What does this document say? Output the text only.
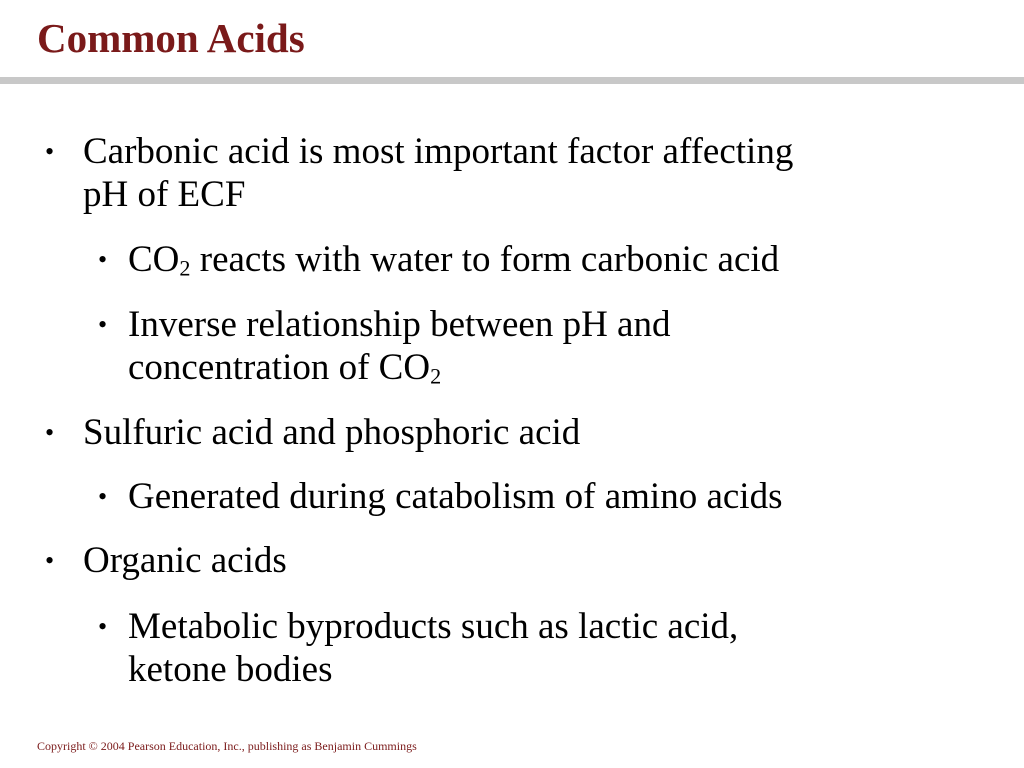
Common Acids
• Carbonic acid is most important factor affecting
pH of ECF
• $CO_2$ reacts with water to form carbonic acid
• Inverse relationship between pH and
concentration of $CO_2$
• Sulfuric acid and phosphoric acid
• Generated during catabolism of amino acids
• Organic acids
• Metabolic byproducts such as lactic acid,
ketone bodies
Copyright © 2004 Pearson Education, Inc., publishing as Benjamin Cummings
